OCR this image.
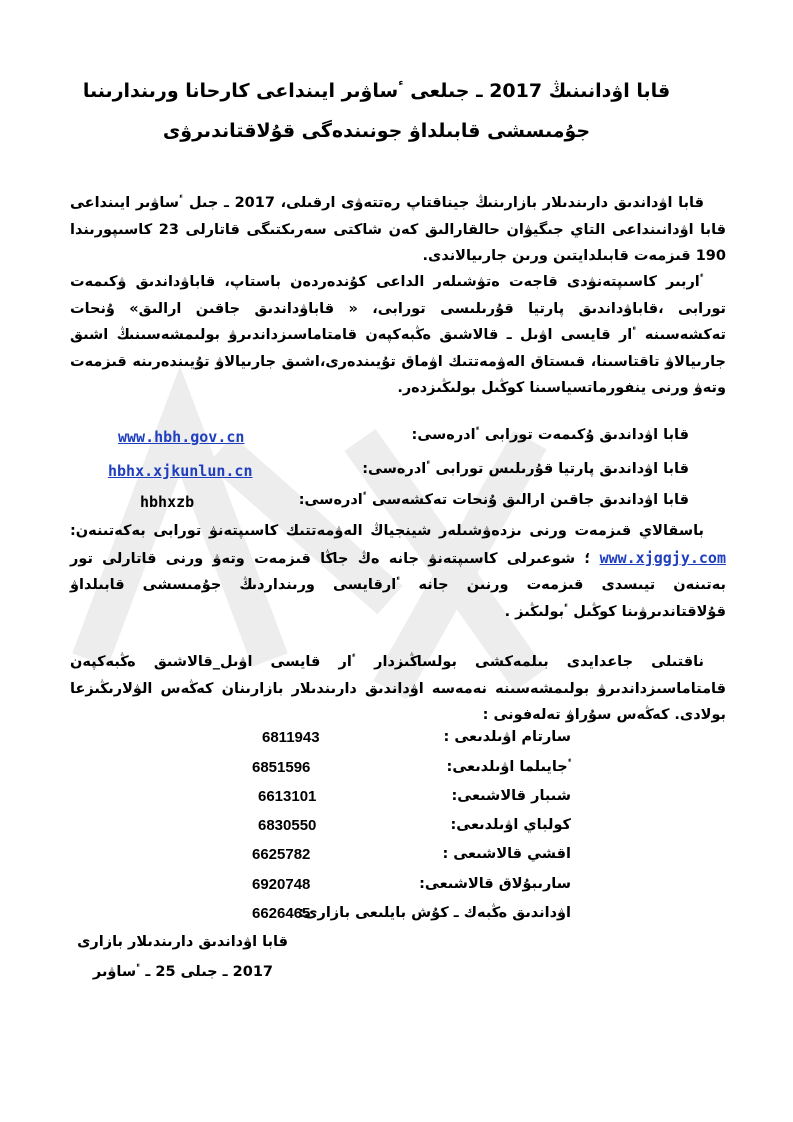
قابا اۋدانىنىڭ 2017 ـ جىلعى ٴساۋىر ايىنداعى كارحانا ورىندارىنىا
جۇمىسشى قابىلداۋ جونىندەگى قۇلاقتاندىرۋى
قابا اۋداندىق دارىندىلار بازارىنىڭ جيناقتاپ رەتتەۋى ارقىلى، 2017 ـ جىل ٴساۋىر ايىنداعى قابا اۋدانىنداعى التاي جىگيۋان حالقارالىق كەن شاكتى سەرىكتىگى قاتارلى 23 كاسىپورىندا 190 قىزمەت قابىلدايتىن ورىن جارىيالاندى.
ٴاربىر كاسىپتەنۋدى قاجەت ەتۋشىلەر الداعى كۇندەردەن باستاپ، قاباۋداندىق ۋكىمەت تورابى ،قاباۋداندىق پارتيا قۇرىلىسى تورابى، « قاباۋداندىق جاقىن ارالىق» ۇنحات تەكشەسىنە ٴار قايسى اۋىل ـ قالاشىق ەڭبەكپەن قامتاماسىزداندىرۋ بولىمشەسىنىڭ اشىق جارىيالاۋ تاقتاسىنا، قىستاق الەۋمەتتىك اۋماق تۇيىندەرى،اشىق جارىيالاۋ تۇيىندەرىنە قىزمەت وتەۋ ورنى ينفورماتسياسىنا كوڭىل بولىڭىزدەر.
قابا اۋداندىق ۇكىمەت تورابى ٴادرەسى:
www.hbh.gov.cn
قابا اۋداندىق پارتيا قۇرىلىس تورابى ٴادرەسى:
hbhx.xjkunlun.cn
قابا اۋداندىق جاقىن ارالىق ۇنحات تەكشەسى ٴادرەسى:
hbhxzb
باسقالاي قىزمەت ورنى ىزدەۋشىلەر شينجياڭ الەۋمەتتىك كاسىپتەنۋ تورابى بەكەتىنەن: www.xjggjy.com ؛ شوعىرلى كاسىپتەنۋ جانە ەڭ جاڭا قىزمەت وتەۋ ورنى قاتارلى تور بەتىنەن تيىسدى قىزمەت ورنىن جانە ٴارقايسى ورىنداردىڭ جۇمىسشى قابىلداۋ قۇلاقتاندىرۋىنا كوڭىل ٴبولىڭىز .
ناقتىلى جاعدايدى بىلمەكشى بولساڭىزدار ٴار قايسى اۋىل_قالاشىق ەڭبەكپەن قامتاماسىزداندىرۋ بولىمشەسىنە نەمەسە اۋداندىق دارىندىلار بازارىنان كەڭەس الۋلارىڭىزعا بولادى. كەڭەس سۇراۋ تەلەفونى :
سارتام اۋىلدىعى :
6811943
ٴجايىلما اۋىلدىعى:
6851596
شىبار قالاشىعى:
6613101
كولباي اۋىلدىعى:
6830550
اقشي قالاشىعى :
6625782
سارىبۇلاق قالاشىعى:
6920748
اۋداندىق ەڭبەك ـ كۇش بايلىعى بازارى:
6626465
قابا اۋداندىق دارىندىلار بازارى
2017 ـ جىلى 25 ـ ٴساۋىر
